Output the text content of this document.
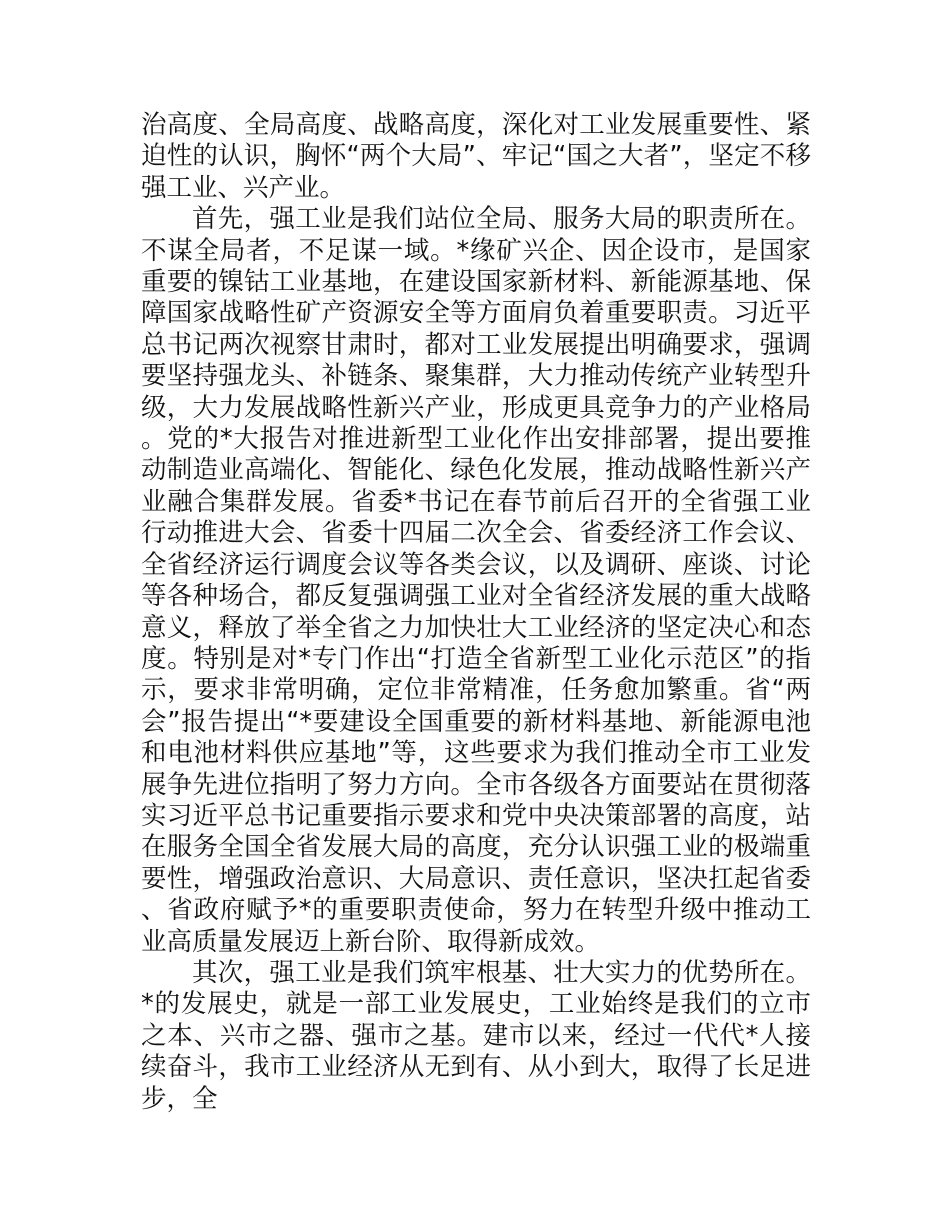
治高度、全局高度、战略高度，深化对工业发展重要性、紧迫性的认识，胸怀“两个大局”、牢记“国之大者”，坚定不移强工业、兴产业。

首先，强工业是我们站位全局、服务大局的职责所在。不谋全局者，不足谋一域。*缘矿兴企、因企设市，是国家重要的镍钴工业基地，在建设国家新材料、新能源基地、保障国家战略性矿产资源安全等方面肩负着重要职责。习近平总书记两次视察甘肃时，都对工业发展提出明确要求，强调要坚持强龙头、补链条、聚集群，大力推动传统产业转型升级，大力发展战略性新兴产业，形成更具竞争力的产业格局。党的*大报告对推进新型工业化作出安排部署，提出要推动制造业高端化、智能化、绿色化发展，推动战略性新兴产业融合集群发展。省委*书记在春节前后召开的全省强工业行动推进大会、省委十四届二次全会、省委经济工作会议、全省经济运行调度会议等各类会议，以及调研、座谈、讨论等各种场合，都反复强调强工业对全省经济发展的重大战略意义，释放了举全省之力加快壮大工业经济的坚定决心和态度。特别是对*专门作出“打造全省新型工业化示范区”的指示，要求非常明确，定位非常精准，任务愈加繁重。省“两会”报告提出“*要建设全国重要的新材料基地、新能源电池和电池材料供应基地”等，这些要求为我们推动全市工业发展争先进位指明了努力方向。全市各级各方面要站在贯彻落实习近平总书记重要指示要求和党中央决策部署的高度，站在服务全国全省发展大局的高度，充分认识强工业的极端重要性，增强政治意识、大局意识、责任意识，坚决扛起省委、省政府赋予*的重要职责使命，努力在转型升级中推动工业高质量发展迈上新台阶、取得新成效。

其次，强工业是我们筑牢根基、壮大实力的优势所在。*的发展史，就是一部工业发展史，工业始终是我们的立市之本、兴市之器、强市之基。建市以来，经过一代代*人接续奋斗，我市工业经济从无到有、从小到大，取得了长足进步，全
